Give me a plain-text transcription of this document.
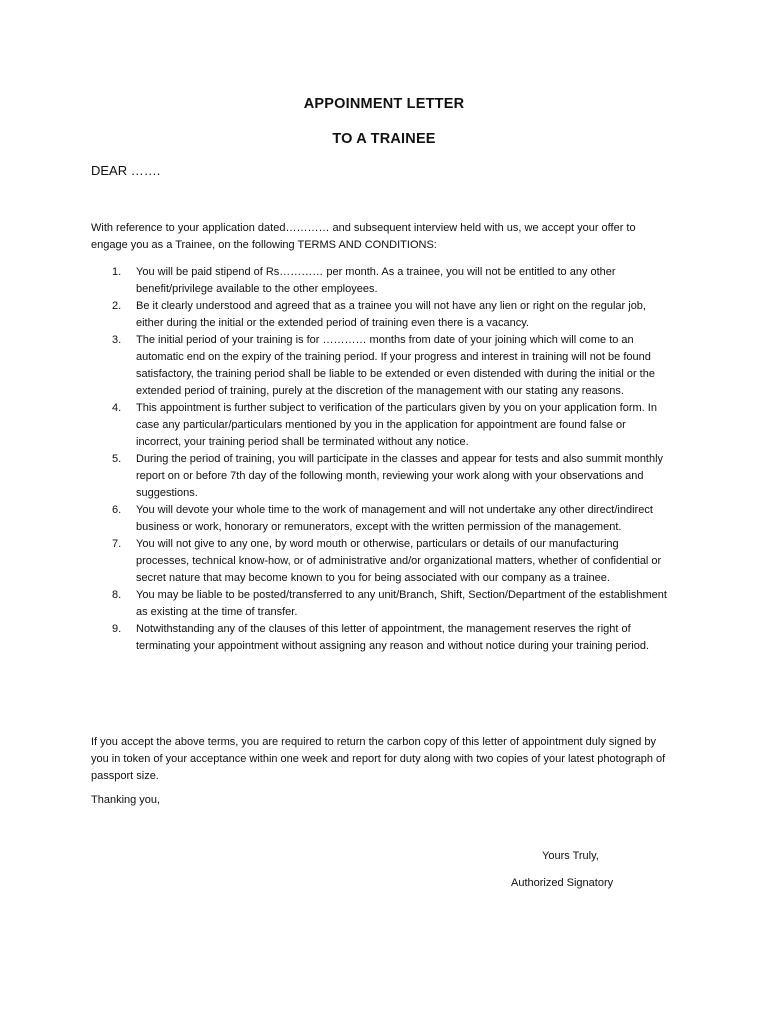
APPOINMENT LETTER
TO A TRAINEE

DEAR …….

With reference to your application dated………… and subsequent interview held with us, we accept your offer to engage you as a Trainee, on the following TERMS AND CONDITIONS:

1. You will be paid stipend of Rs………… per month. As a trainee, you will not be entitled to any other benefit/privilege available to the other employees.
2. Be it clearly understood and agreed that as a trainee you will not have any lien or right on the regular job, either during the initial or the extended period of training even there is a vacancy.
3. The initial period of your training is for ………… months from date of your joining which will come to an automatic end on the expiry of the training period. If your progress and interest in training will not be found satisfactory, the training period shall be liable to be extended or even distended with during the initial or the extended period of training, purely at the discretion of the management with our stating any reasons.
4. This appointment is further subject to verification of the particulars given by you on your application form. In case any particular/particulars mentioned by you in the application for appointment are found false or incorrect, your training period shall be terminated without any notice.
5. During the period of training, you will participate in the classes and appear for tests and also summit monthly report on or before 7th day of the following month, reviewing your work along with your observations and suggestions.
6. You will devote your whole time to the work of management and will not undertake any other direct/indirect business or work, honorary or remunerators, except with the written permission of the management.
7. You will not give to any one, by word mouth or otherwise, particulars or details of our manufacturing processes, technical know-how, or of administrative and/or organizational matters, whether of confidential or secret nature that may become known to you for being associated with our company as a trainee.
8. You may be liable to be posted/transferred to any unit/Branch, Shift, Section/Department of the establishment as existing at the time of transfer.
9. Notwithstanding any of the clauses of this letter of appointment, the management reserves the right of terminating your appointment without assigning any reason and without notice during your training period.

If you accept the above terms, you are required to return the carbon copy of this letter of appointment duly signed by you in token of your acceptance within one week and report for duty along with two copies of your latest photograph of passport size.

Thanking you,

Yours Truly,

Authorized Signatory
